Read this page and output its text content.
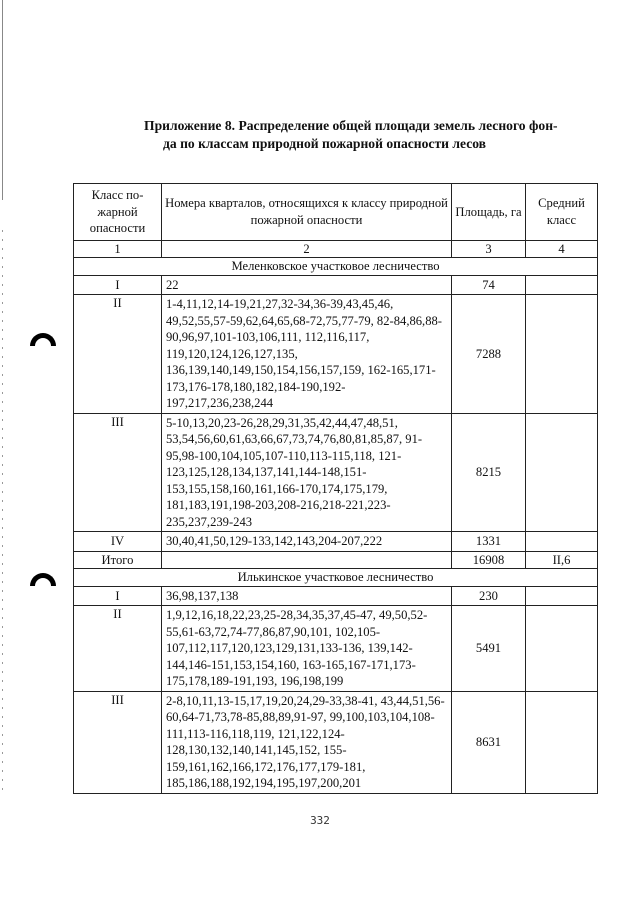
Приложение 8. Распределение общей площади земель лесного фон-
да по классам природной пожарной опасности лесов
Класс по-жарной опасности	Номера кварталов, относящихся к классу природной пожарной опасности	Площадь, га	Средний класс
1	2	3	4
Меленковское участковое лесничество			
I	22	74	
II	1-4,11,12,14-19,21,27,32-34,36-39,43,45,46, 49,52,55,57-59,62,64,65,68-72,75,77-79, 82-84,86,88-90,96,97,101-103,106,111, 112,116,117, 119,120,124,126,127,135, 136,139,140,149,150,154,156,157,159, 162-165,171-173,176-178,180,182,184-190,192-197,217,236,238,244	7288	
III	5-10,13,20,23-26,28,29,31,35,42,44,47,48,51, 53,54,56,60,61,63,66,67,73,74,76,80,81,85,87, 91-95,98-100,104,105,107-110,113-115,118, 121-123,125,128,134,137,141,144-148,151-153,155,158,160,161,166-170,174,175,179, 181,183,191,198-203,208-216,218-221,223-235,237,239-243	8215	
IV	30,40,41,50,129-133,142,143,204-207,222	1331	
Итого		16908	II,6
Илькинское участковое лесничество			
I	36,98,137,138	230	
II	1,9,12,16,18,22,23,25-28,34,35,37,45-47, 49,50,52-55,61-63,72,74-77,86,87,90,101, 102,105-107,112,117,120,123,129,131,133-136, 139,142-144,146-151,153,154,160, 163-165,167-171,173-175,178,189-191,193, 196,198,199	5491	
III	2-8,10,11,13-15,17,19,20,24,29-33,38-41, 43,44,51,56-60,64-71,73,78-85,88,89,91-97, 99,100,103,104,108-111,113-116,118,119, 121,122,124-128,130,132,140,141,145,152, 155-159,161,162,166,172,176,177,179-181, 185,186,188,192,194,195,197,200,201	8631	
332
